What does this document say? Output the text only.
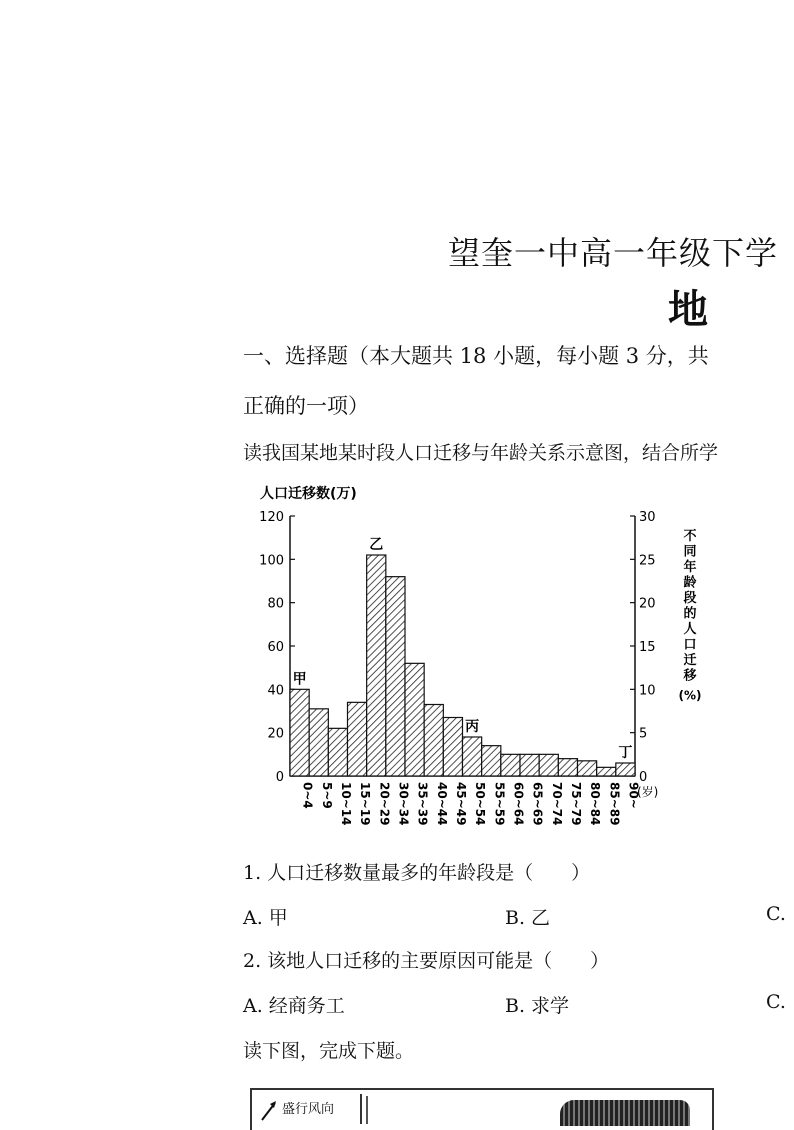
望奎一中高一年级下学
地
一、选择题（本大题共 18 小题，每小题 3 分，共
正确的一项）
读我国某地某时段人口迁移与年龄关系示意图，结合所学
人口迁移数(万)
0
20
40
60
80
100
120
0
5
10
15
20
25
30
不同年龄段的人口迁移(%)
0~4 5~9 10~14 15~19 20~29 30~34 35~39 40~44 45~49 50~54 55~59 60~64 65~69 70~74 75~79 80~84 85~89 90~
(岁)
甲
乙
丙
丁
1. 人口迁移数量最多的年龄段是（　　）
A. 甲	B. 乙	C.
2. 该地人口迁移的主要原因可能是（　　）
A. 经商务工	B. 求学	C.
读下图，完成下题。
盛行风向
